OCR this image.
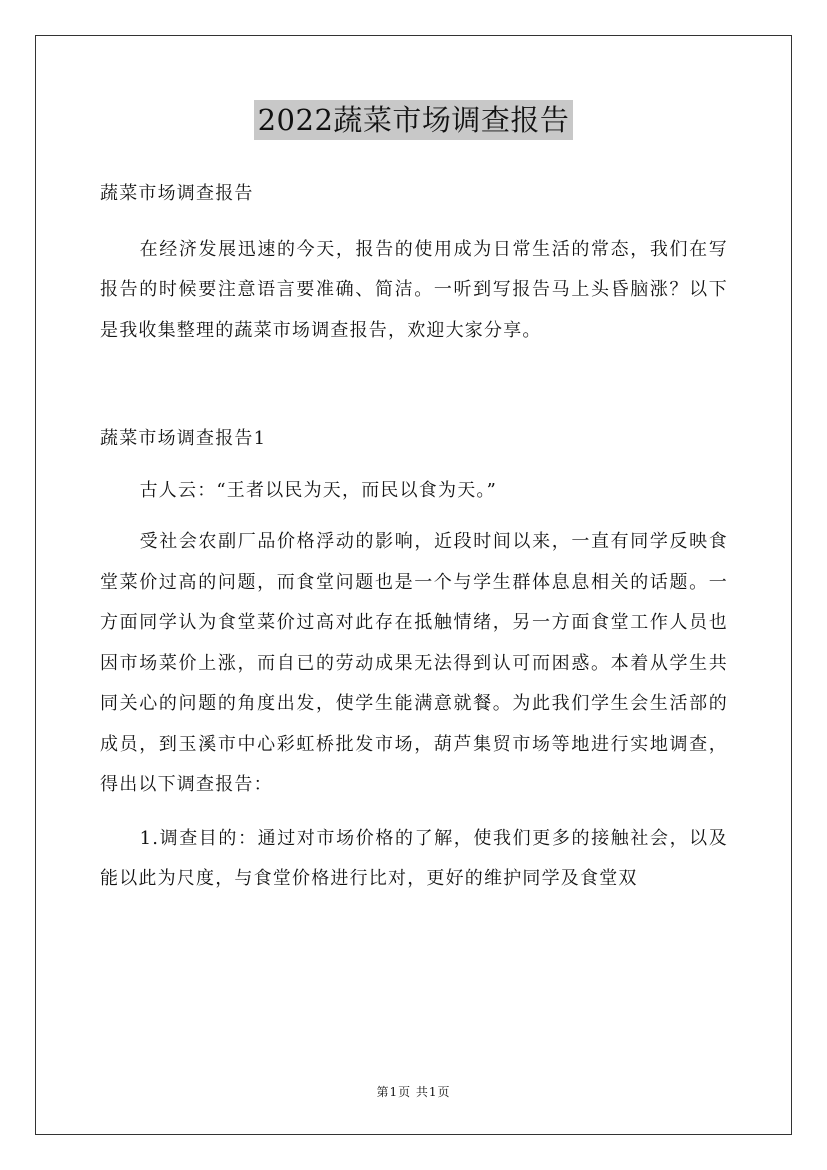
2022蔬菜市场调查报告

蔬菜市场调查报告

在经济发展迅速的今天，报告的使用成为日常生活的常态，我们在写报告的时候要注意语言要准确、简洁。一听到写报告马上头昏脑涨？以下是我收集整理的蔬菜市场调查报告，欢迎大家分享。

蔬菜市场调查报告1

古人云：“王者以民为天，而民以食为天。”

受社会农副厂品价格浮动的影响，近段时间以来，一直有同学反映食堂菜价过高的问题，而食堂问题也是一个与学生群体息息相关的话题。一方面同学认为食堂菜价过高对此存在抵触情绪，另一方面食堂工作人员也因市场菜价上涨，而自已的劳动成果无法得到认可而困惑。本着从学生共同关心的问题的角度出发，使学生能满意就餐。为此我们学生会生活部的成员，到玉溪市中心彩虹桥批发市场，葫芦集贸市场等地进行实地调查，得出以下调查报告：

1.调查目的：通过对市场价格的了解，使我们更多的接触社会，以及能以此为尺度，与食堂价格进行比对，更好的维护同学及食堂双

第1页 共1页
